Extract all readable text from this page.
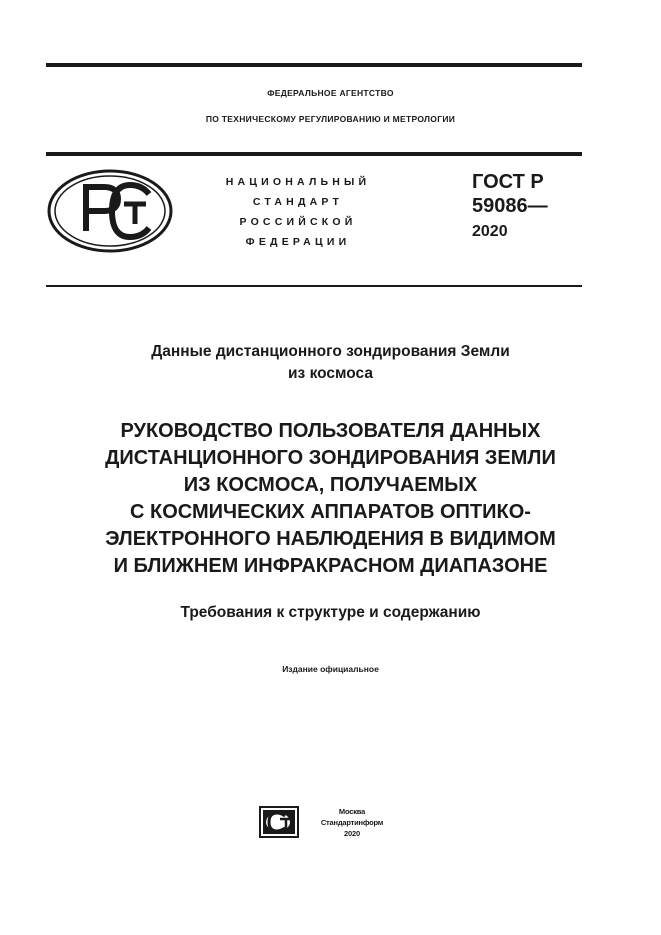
ФЕДЕРАЛЬНОЕ АГЕНТСТВО
ПО ТЕХНИЧЕСКОМУ РЕГУЛИРОВАНИЮ И МЕТРОЛОГИИ
НАЦИОНАЛЬНЫЙ
СТАНДАРТ
РОССИЙСКОЙ
ФЕДЕРАЦИИ
ГОСТ Р
59086—
2020
Данные дистанционного зондирования Земли
из космоса
РУКОВОДСТВО ПОЛЬЗОВАТЕЛЯ ДАННЫХ
ДИСТАНЦИОННОГО ЗОНДИРОВАНИЯ ЗЕМЛИ
ИЗ КОСМОСА, ПОЛУЧАЕМЫХ
С КОСМИЧЕСКИХ АППАРАТОВ ОПТИКО-
ЭЛЕКТРОННОГО НАБЛЮДЕНИЯ В ВИДИМОМ
И БЛИЖНЕМ ИНФРАКРАСНОМ ДИАПАЗОНЕ
Требования к структуре и содержанию
Издание официальное
Москва
Стандартинформ
2020
